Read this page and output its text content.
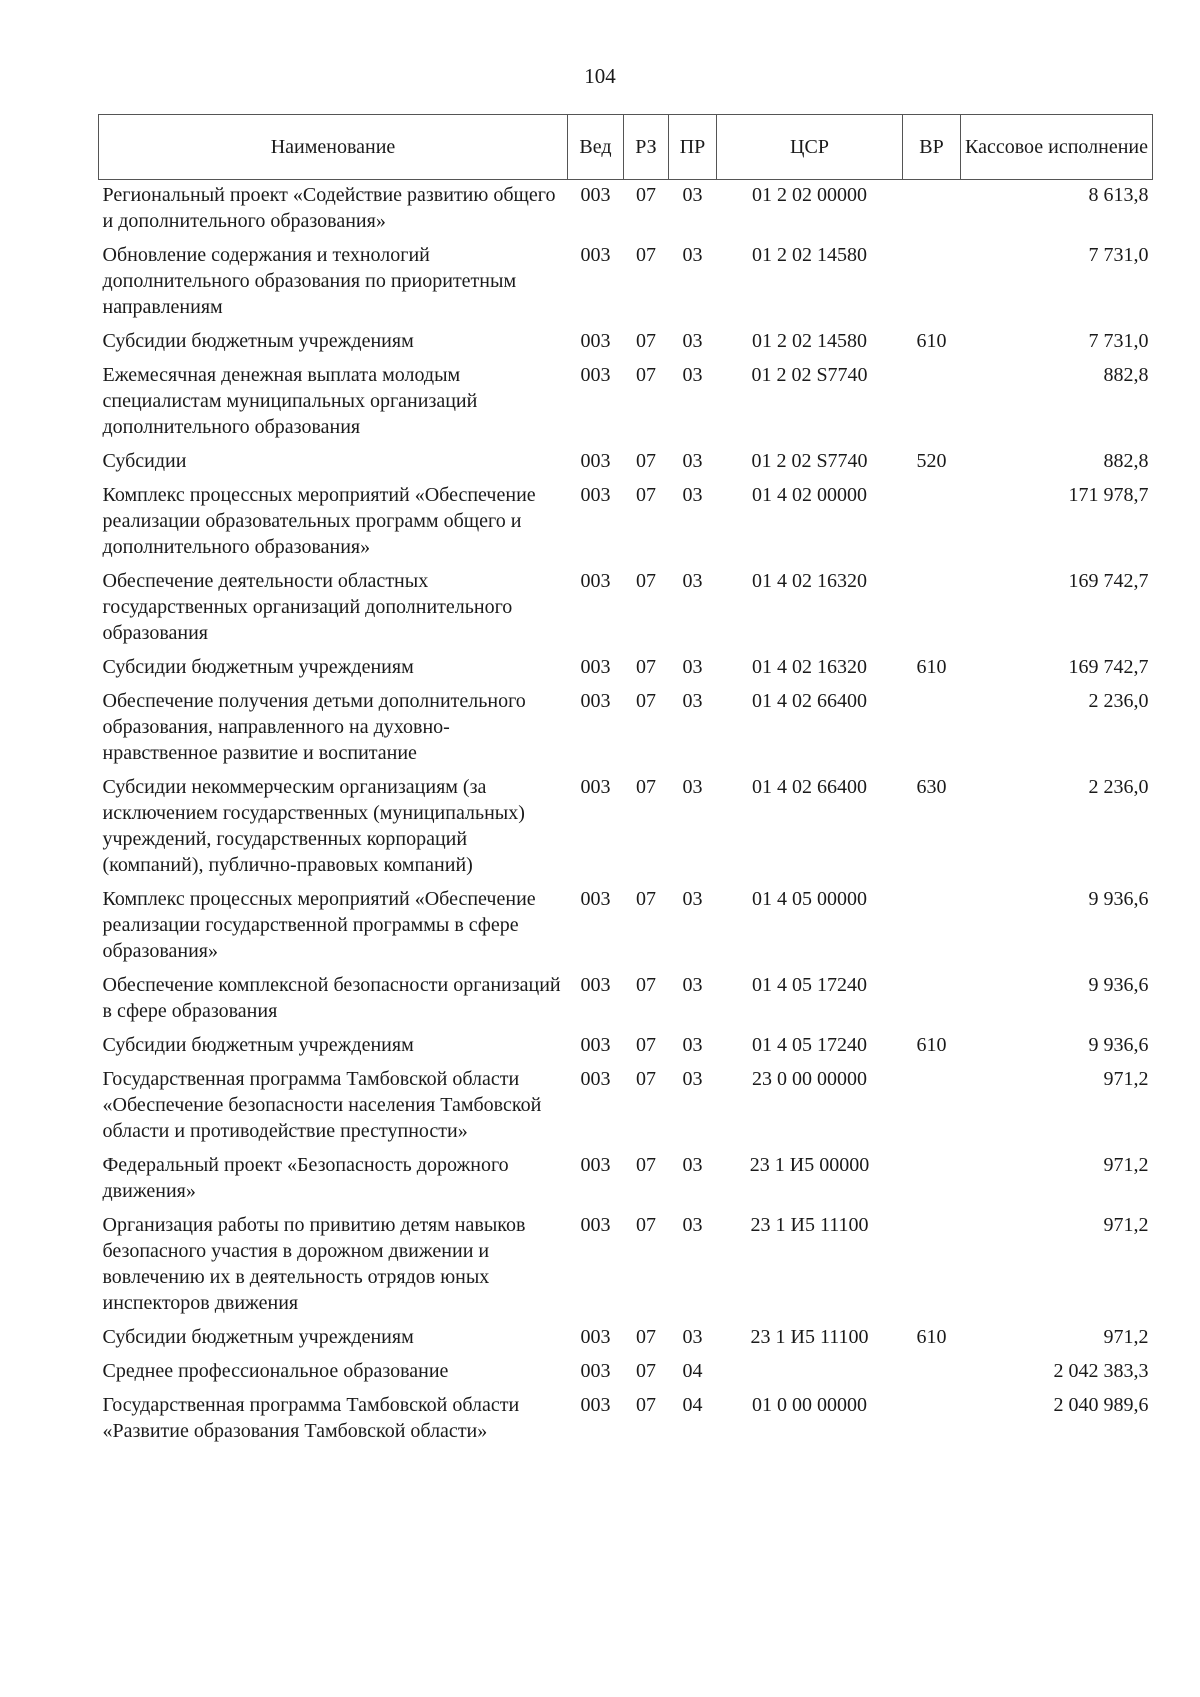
104
Наименование	Вед	РЗ	ПР	ЦСР	ВР	Кассовое исполнение
Региональный проект «Содействие развитию общего и дополнительного образования»	003	07	03	01 2 02 00000		8 613,8
Обновление содержания и технологий дополнительного образования по приоритетным направлениям	003	07	03	01 2 02 14580		7 731,0
Субсидии бюджетным учреждениям	003	07	03	01 2 02 14580	610	7 731,0
Ежемесячная денежная выплата молодым специалистам муниципальных организаций дополнительного образования	003	07	03	01 2 02 S7740		882,8
Субсидии	003	07	03	01 2 02 S7740	520	882,8
Комплекс процессных мероприятий «Обеспечение реализации образовательных программ общего и дополнительного образования»	003	07	03	01 4 02 00000		171 978,7
Обеспечение деятельности областных государственных организаций дополнительного образования	003	07	03	01 4 02 16320		169 742,7
Субсидии бюджетным учреждениям	003	07	03	01 4 02 16320	610	169 742,7
Обеспечение получения детьми дополнительного образования, направленного на духовно-нравственное развитие и воспитание	003	07	03	01 4 02 66400		2 236,0
Субсидии некоммерческим организациям (за исключением государственных (муниципальных) учреждений, государственных корпораций (компаний), публично-правовых компаний)	003	07	03	01 4 02 66400	630	2 236,0
Комплекс процессных мероприятий «Обеспечение реализации государственной программы в сфере образования»	003	07	03	01 4 05 00000		9 936,6
Обеспечение комплексной безопасности организаций в сфере образования	003	07	03	01 4 05 17240		9 936,6
Субсидии бюджетным учреждениям	003	07	03	01 4 05 17240	610	9 936,6
Государственная программа Тамбовской области «Обеспечение безопасности населения Тамбовской области и противодействие преступности»	003	07	03	23 0 00 00000		971,2
Федеральный проект «Безопасность дорожного движения»	003	07	03	23 1 И5 00000		971,2
Организация работы по привитию детям навыков безопасного участия в дорожном движении и вовлечению их в деятельность отрядов юных инспекторов движения	003	07	03	23 1 И5 11100		971,2
Субсидии бюджетным учреждениям	003	07	03	23 1 И5 11100	610	971,2
Среднее профессиональное образование	003	07	04			2 042 383,3
Государственная программа Тамбовской области «Развитие образования Тамбовской области»	003	07	04	01 0 00 00000		2 040 989,6
